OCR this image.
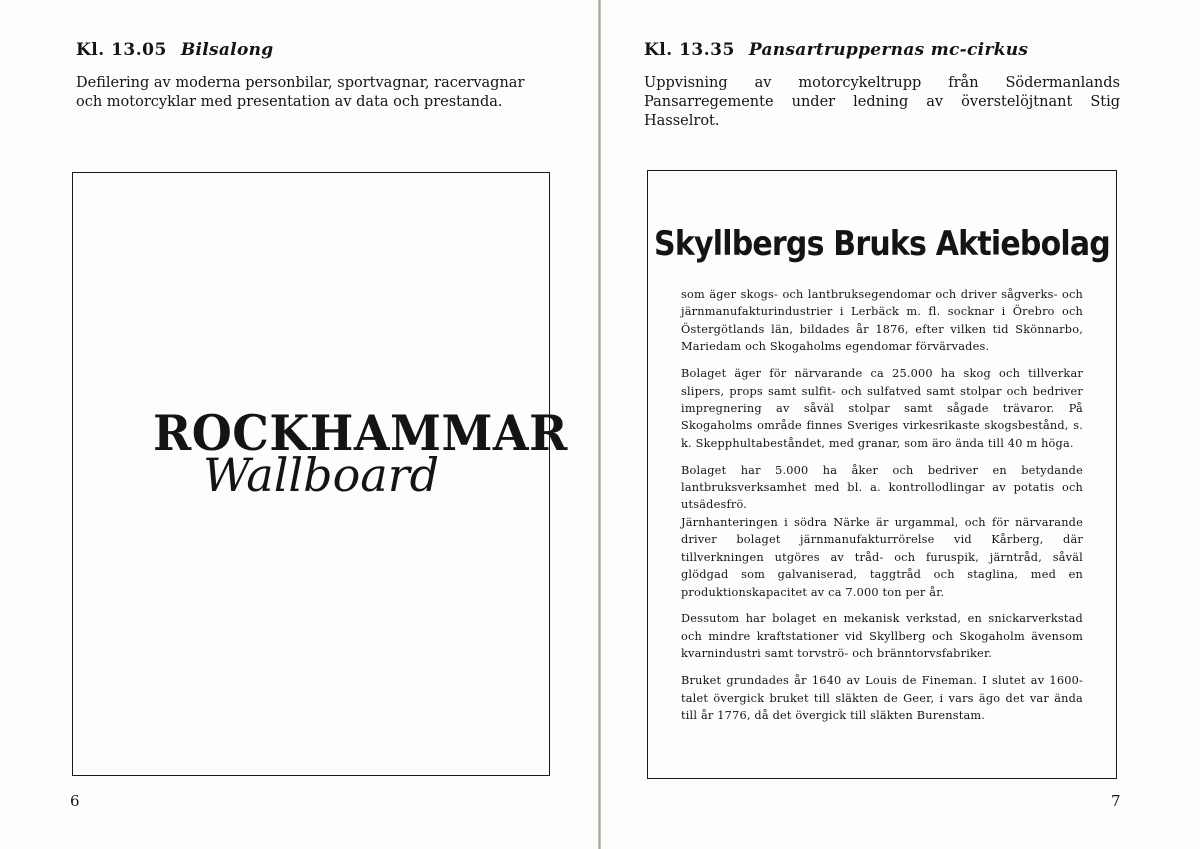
Kl. 13.05 Bilsalong
Defilering av moderna personbilar, sportvagnar, racervagnar och motorcyklar med presentation av data och prestanda.
ROCKHAMMAR
Wallboard
6
Kl. 13.35 Pansartruppernas mc-cirkus
Uppvisning av motorcykeltrupp från Södermanlands Pansarregemente under ledning av överstelöjtnant Stig Hasselrot.
Skyllbergs Bruks Aktiebolag

som äger skogs- och lantbruksegendomar och driver sågverks- och järnmanufakturindustrier i Lerbäck m. fl. socknar i Örebro och Östergötlands län, bildades år 1876, efter vilken tid Skönnarbo, Mariedam och Skogaholms egendomar förvärvades.

Bolaget äger för närvarande ca 25.000 ha skog och tillverkar slipers, props samt sulfit- och sulfatved samt stolpar och bedriver impregnering av såväl stolpar samt sågade trävaror. På Skogaholms område finnes Sveriges virkesrikaste skogsbestånd, s. k. Skepphultabeståndet, med granar, som äro ända till 40 m höga.

Bolaget har 5.000 ha åker och bedriver en betydande lantbruksverksamhet med bl. a. kontrollodlingar av potatis och utsädesfrö.

Järnhanteringen i södra Närke är urgammal, och för närvarande driver bolaget järnmanufakturrörelse vid Kårberg, där tillverkningen utgöres av tråd- och furuspik, järntråd, såväl glödgad som galvaniserad, taggtråd och staglina, med en produktionskapacitet av ca 7.000 ton per år.

Dessutom har bolaget en mekanisk verkstad, en snickarverkstad och mindre kraftstationer vid Skyllberg och Skogaholm ävensom kvarnindustri samt torvströ- och bränntorvsfabriker.

Bruket grundades år 1640 av Louis de Fineman. I slutet av 1600-talet övergick bruket till släkten de Geer, i vars ägo det var ända till år 1776, då det övergick till släkten Burenstam.

7
